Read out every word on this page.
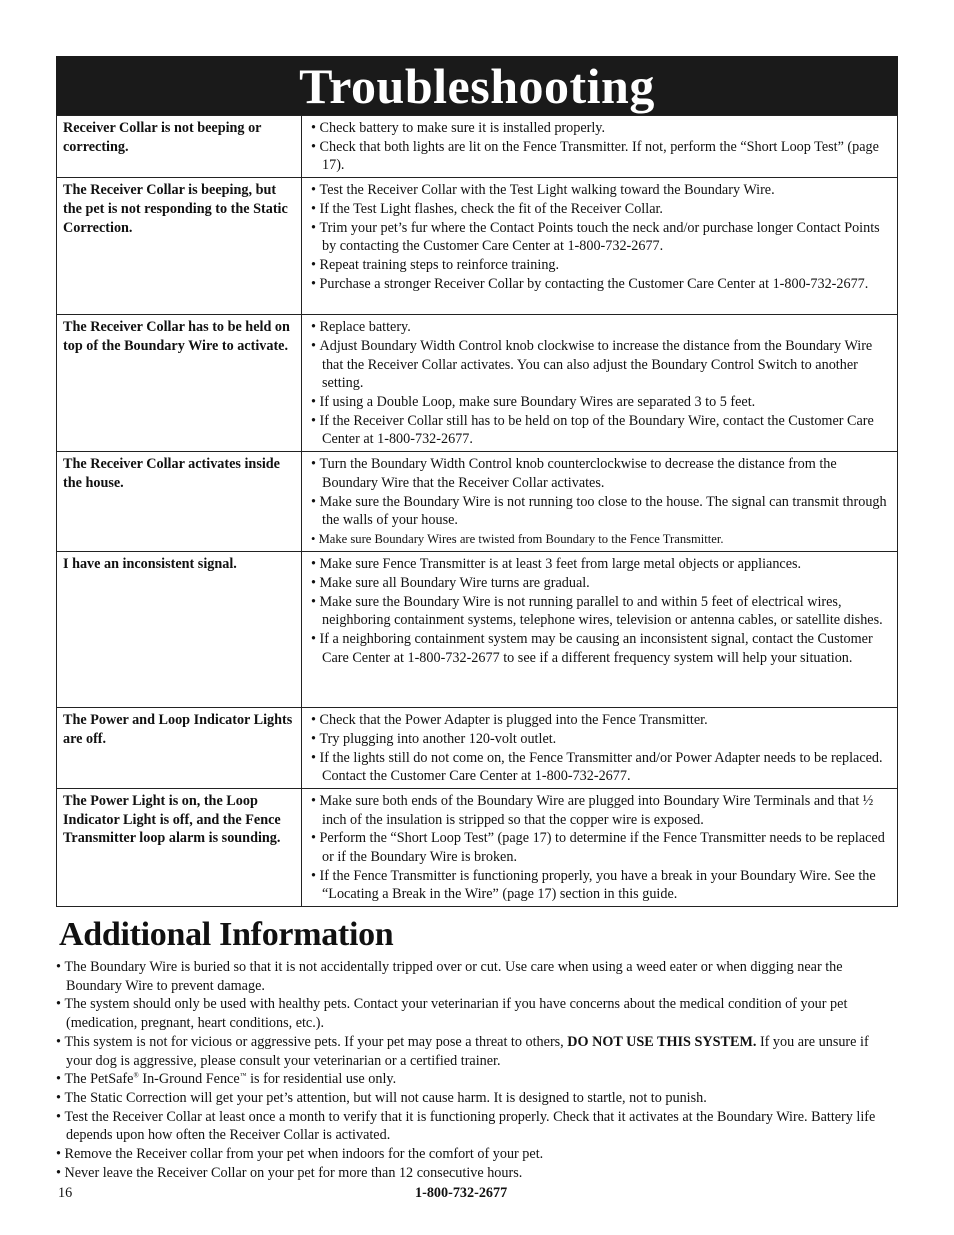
Troubleshooting
Receiver Collar is not beeping or correcting.	• Check battery to make sure it is installed properly.
• Check that both lights are lit on the Fence Transmitter. If not, perform the “Short Loop Test” (page 17).

The Receiver Collar is beeping, but the pet is not responding to the Static Correction.	• Test the Receiver Collar with the Test Light walking toward the Boundary Wire.
• If the Test Light flashes, check the fit of the Receiver Collar.
• Trim your pet’s fur where the Contact Points touch the neck and/or purchase longer Contact Points by contacting the Customer Care Center at 1-800-732-2677.
• Repeat training steps to reinforce training.
• Purchase a stronger Receiver Collar by contacting the Customer Care Center at 1-800-732-2677.

The Receiver Collar has to be held on top of the Boundary Wire to activate.	• Replace battery.
• Adjust Boundary Width Control knob clockwise to increase the distance from the Boundary Wire that the Receiver Collar activates. You can also adjust the Boundary Control Switch to another setting.
• If using a Double Loop, make sure Boundary Wires are separated 3 to 5 feet.
• If the Receiver Collar still has to be held on top of the Boundary Wire, contact the Customer Care Center at 1-800-732-2677.

The Receiver Collar activates inside the house.	• Turn the Boundary Width Control knob counterclockwise to decrease the distance from the Boundary Wire that the Receiver Collar activates.
• Make sure the Boundary Wire is not running too close to the house. The signal can transmit through the walls of your house.
• Make sure Boundary Wires are twisted from Boundary to the Fence Transmitter.

I have an inconsistent signal.	• Make sure Fence Transmitter is at least 3 feet from large metal objects or appliances.
• Make sure all Boundary Wire turns are gradual.
• Make sure the Boundary Wire is not running parallel to and within 5 feet of electrical wires, neighboring containment systems, telephone wires, television or antenna cables, or satellite dishes.
• If a neighboring containment system may be causing an inconsistent signal, contact the Customer Care Center at 1-800-732-2677 to see if a different frequency system will help your situation.

The Power and Loop Indicator Lights are off.	• Check that the Power Adapter is plugged into the Fence Transmitter.
• Try plugging into another 120-volt outlet.
• If the lights still do not come on, the Fence Transmitter and/or Power Adapter needs to be replaced. Contact the Customer Care Center at 1-800-732-2677.

The Power Light is on, the Loop Indicator Light is off, and the Fence Transmitter loop alarm is sounding.	• Make sure both ends of the Boundary Wire are plugged into Boundary Wire Terminals and that ½ inch of the insulation is stripped so that the copper wire is exposed.
• Perform the “Short Loop Test” (page 17) to determine if the Fence Transmitter needs to be replaced or if the Boundary Wire is broken.
• If the Fence Transmitter is functioning properly, you have a break in your Boundary Wire. See the “Locating a Break in the Wire” (page 17) section in this guide.
Additional Information
• The Boundary Wire is buried so that it is not accidentally tripped over or cut. Use care when using a weed eater or when digging near the Boundary Wire to prevent damage.
• The system should only be used with healthy pets. Contact your veterinarian if you have concerns about the medical condition of your pet (medication, pregnant, heart conditions, etc.).
• This system is not for vicious or aggressive pets. If your pet may pose a threat to others, DO NOT USE THIS SYSTEM. If you are unsure if your dog is aggressive, please consult your veterinarian or a certified trainer.
• The PetSafe® In-Ground Fence™ is for residential use only.
• The Static Correction will get your pet’s attention, but will not cause harm. It is designed to startle, not to punish.
• Test the Receiver Collar at least once a month to verify that it is functioning properly. Check that it activates at the Boundary Wire. Battery life depends upon how often the Receiver Collar is activated.
• Remove the Receiver collar from your pet when indoors for the comfort of your pet.
• Never leave the Receiver Collar on your pet for more than 12 consecutive hours.
16	1-800-732-2677
